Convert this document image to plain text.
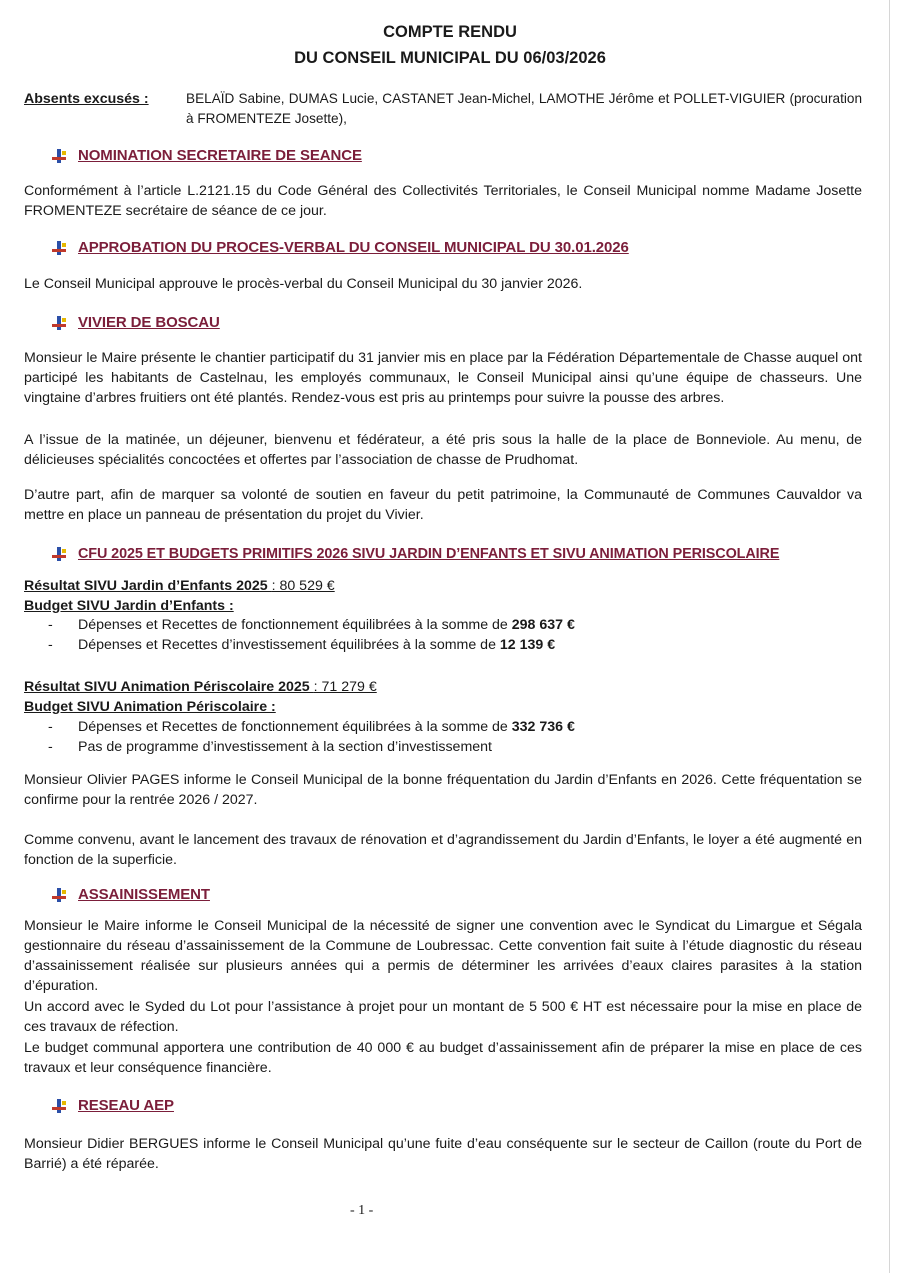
COMPTE RENDU
DU CONSEIL MUNICIPAL DU 06/03/2026
Absents excusés :	BELAÏD Sabine, DUMAS Lucie, CASTANET Jean-Michel, LAMOTHE Jérôme et POLLET-VIGUIER (procuration à FROMENTEZE Josette),

NOMINATION SECRETAIRE DE SEANCE

Conformément à l’article L.2121.15 du Code Général des Collectivités Territoriales, le Conseil Municipal nomme Madame Josette FROMENTEZE secrétaire de séance de ce jour.

APPROBATION DU PROCES-VERBAL DU CONSEIL MUNICIPAL DU 30.01.2026

Le Conseil Municipal approuve le procès-verbal du Conseil Municipal du 30 janvier 2026.

VIVIER DE BOSCAU

Monsieur le Maire présente le chantier participatif du 31 janvier mis en place par la Fédération Départementale de Chasse auquel ont participé les habitants de Castelnau, les employés communaux, le Conseil Municipal ainsi qu’une équipe de chasseurs. Une vingtaine d’arbres fruitiers ont été plantés. Rendez-vous est pris au printemps pour suivre la pousse des arbres.

A l’issue de la matinée, un déjeuner, bienvenu et fédérateur, a été pris sous la halle de la place de Bonneviole. Au menu, de délicieuses spécialités concoctées et offertes par l’association de chasse de Prudhomat.

D’autre part, afin de marquer sa volonté de soutien en faveur du petit patrimoine, la Communauté de Communes Cauvaldor va mettre en place un panneau de présentation du projet du Vivier.

CFU 2025 ET BUDGETS PRIMITIFS 2026 SIVU JARDIN D’ENFANTS ET SIVU ANIMATION PERISCOLAIRE
Résultat SIVU Jardin d’Enfants 2025 : 80 529 €
Budget SIVU Jardin d’Enfants :
- Dépenses et Recettes de fonctionnement équilibrées à la somme de 298 637 €
- Dépenses et Recettes d’investissement équilibrées à la somme de 12 139 €
Résultat SIVU Animation Périscolaire 2025 : 71 279 €
Budget SIVU Animation Périscolaire :
- Dépenses et Recettes de fonctionnement équilibrées à la somme de 332 736 €
- Pas de programme d’investissement à la section d’investissement

Monsieur Olivier PAGES informe le Conseil Municipal de la bonne fréquentation du Jardin d’Enfants en 2026. Cette fréquentation se confirme pour la rentrée 2026 / 2027.

Comme convenu, avant le lancement des travaux de rénovation et d’agrandissement du Jardin d’Enfants, le loyer a été augmenté en fonction de la superficie.

ASSAINISSEMENT

Monsieur le Maire informe le Conseil Municipal de la nécessité de signer une convention avec le Syndicat du Limargue et Ségala gestionnaire du réseau d’assainissement de la Commune de Loubressac. Cette convention fait suite à l’étude diagnostic du réseau d’assainissement réalisée sur plusieurs années qui a permis de déterminer les arrivées d’eaux claires parasites à la station d’épuration.

Un accord avec le Syded du Lot pour l’assistance à projet pour un montant de 5 500 € HT est nécessaire pour la mise en place de ces travaux de réfection.

Le budget communal apportera une contribution de 40 000 € au budget d’assainissement afin de préparer la mise en place de ces travaux et leur conséquence financière.

RESEAU AEP

Monsieur Didier BERGUES informe le Conseil Municipal qu’une fuite d’eau conséquente sur le secteur de Caillon (route du Port de Barrié) a été réparée.

- 1 -
